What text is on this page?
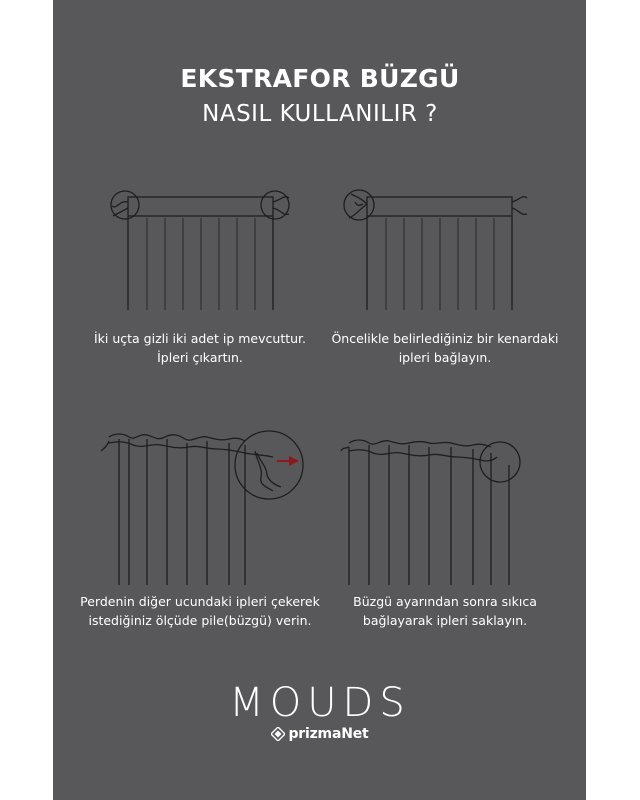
EKSTRAFOR BÜZGÜ
NASIL KULLANILIR ?
İki uçta gizli iki adet ip mevcuttur.
İpleri çıkartın.
Öncelikle belirlediğiniz bir kenardaki
ipleri bağlayın.
Perdenin diğer ucundaki ipleri çekerek
istediğiniz ölçüde pile(büzgü) verin.
Büzgü ayarından sonra sıkıca
bağlayarak ipleri saklayın.
MOUDS
prizmaNet
